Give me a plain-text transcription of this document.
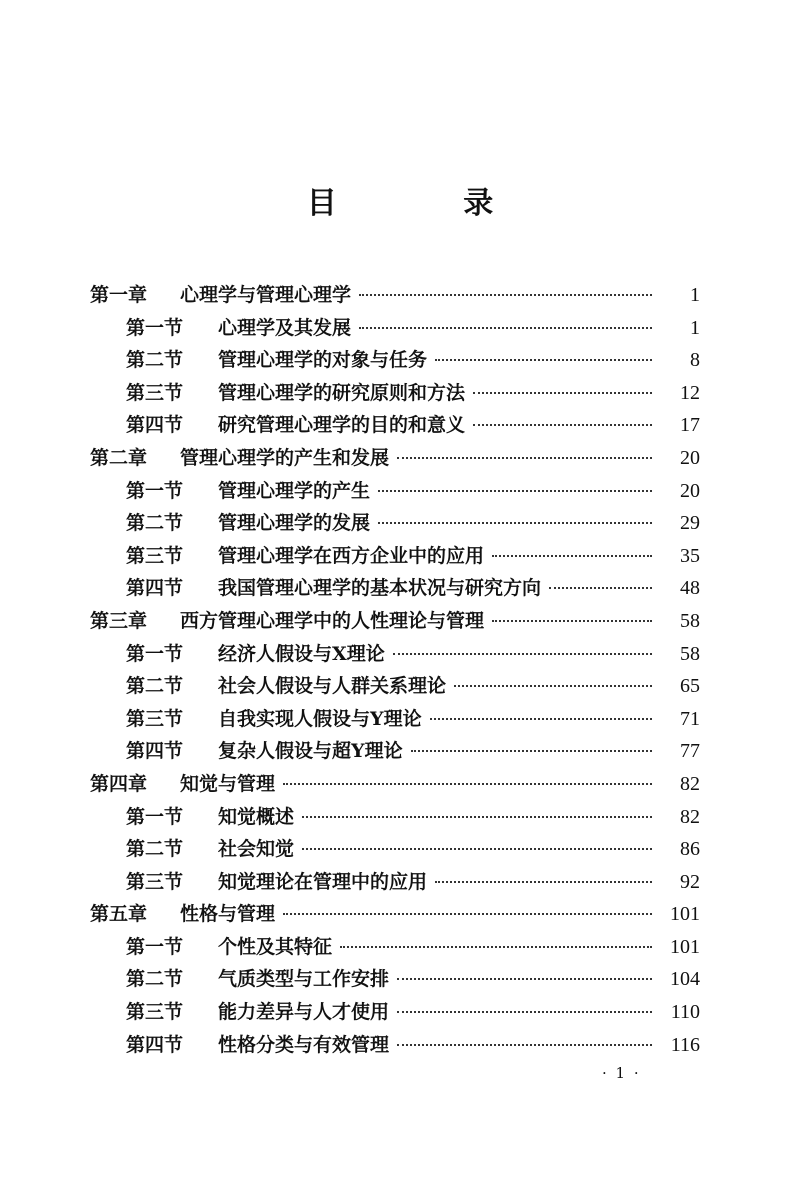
目 录
第一章	心理学与管理心理学	1
第一节	心理学及其发展	1
第二节	管理心理学的对象与任务	8
第三节	管理心理学的研究原则和方法	12
第四节	研究管理心理学的目的和意义	17
第二章	管理心理学的产生和发展	20
第一节	管理心理学的产生	20
第二节	管理心理学的发展	29
第三节	管理心理学在西方企业中的应用	35
第四节	我国管理心理学的基本状况与研究方向	48
第三章	西方管理心理学中的人性理论与管理	58
第一节	经济人假设与X理论	58
第二节	社会人假设与人群关系理论	65
第三节	自我实现人假设与Y理论	71
第四节	复杂人假设与超Y理论	77
第四章	知觉与管理	82
第一节	知觉概述	82
第二节	社会知觉	86
第三节	知觉理论在管理中的应用	92
第五章	性格与管理	101
第一节	个性及其特征	101
第二节	气质类型与工作安排	104
第三节	能力差异与人才使用	110
第四节	性格分类与有效管理	116
· 1 ·
